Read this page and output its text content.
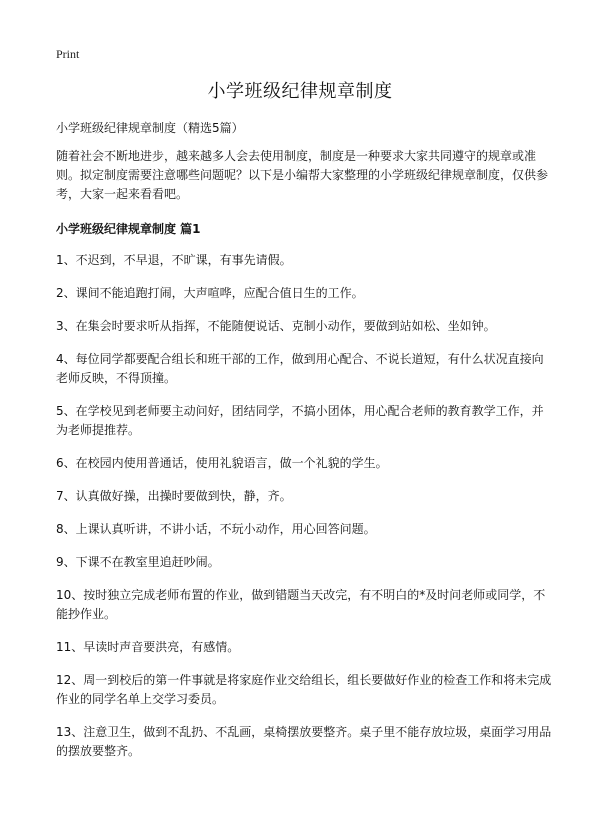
Print
小学班级纪律规章制度

小学班级纪律规章制度（精选5篇）

随着社会不断地进步，越来越多人会去使用制度，制度是一种要求大家共同遵守的规章或准则。拟定制度需要注意哪些问题呢？以下是小编帮大家整理的小学班级纪律规章制度，仅供参考，大家一起来看看吧。

小学班级纪律规章制度 篇1

1、不迟到，不早退，不旷课，有事先请假。

2、课间不能追跑打闹，大声喧哗，应配合值日生的工作。

3、在集会时要求听从指挥，不能随便说话、克制小动作，要做到站如松、坐如钟。

4、每位同学都要配合组长和班干部的工作，做到用心配合、不说长道短，有什么状况直接向老师反映，不得顶撞。

5、在学校见到老师要主动问好，团结同学，不搞小团体，用心配合老师的教育教学工作，并为老师提推荐。

6、在校园内使用普通话，使用礼貌语言，做一个礼貌的学生。

7、认真做好操，出操时要做到快，静，齐。

8、上课认真听讲，不讲小话，不玩小动作，用心回答问题。

9、下课不在教室里追赶吵闹。

10、按时独立完成老师布置的作业，做到错题当天改完，有不明白的*及时问老师或同学，不能抄作业。

11、早读时声音要洪亮，有感情。

12、周一到校后的第一件事就是将家庭作业交给组长，组长要做好作业的检查工作和将未完成作业的同学名单上交学习委员。

13、注意卫生，做到不乱扔、不乱画，桌椅摆放要整齐。桌子里不能存放垃圾，桌面学习用品的摆放要整齐。
